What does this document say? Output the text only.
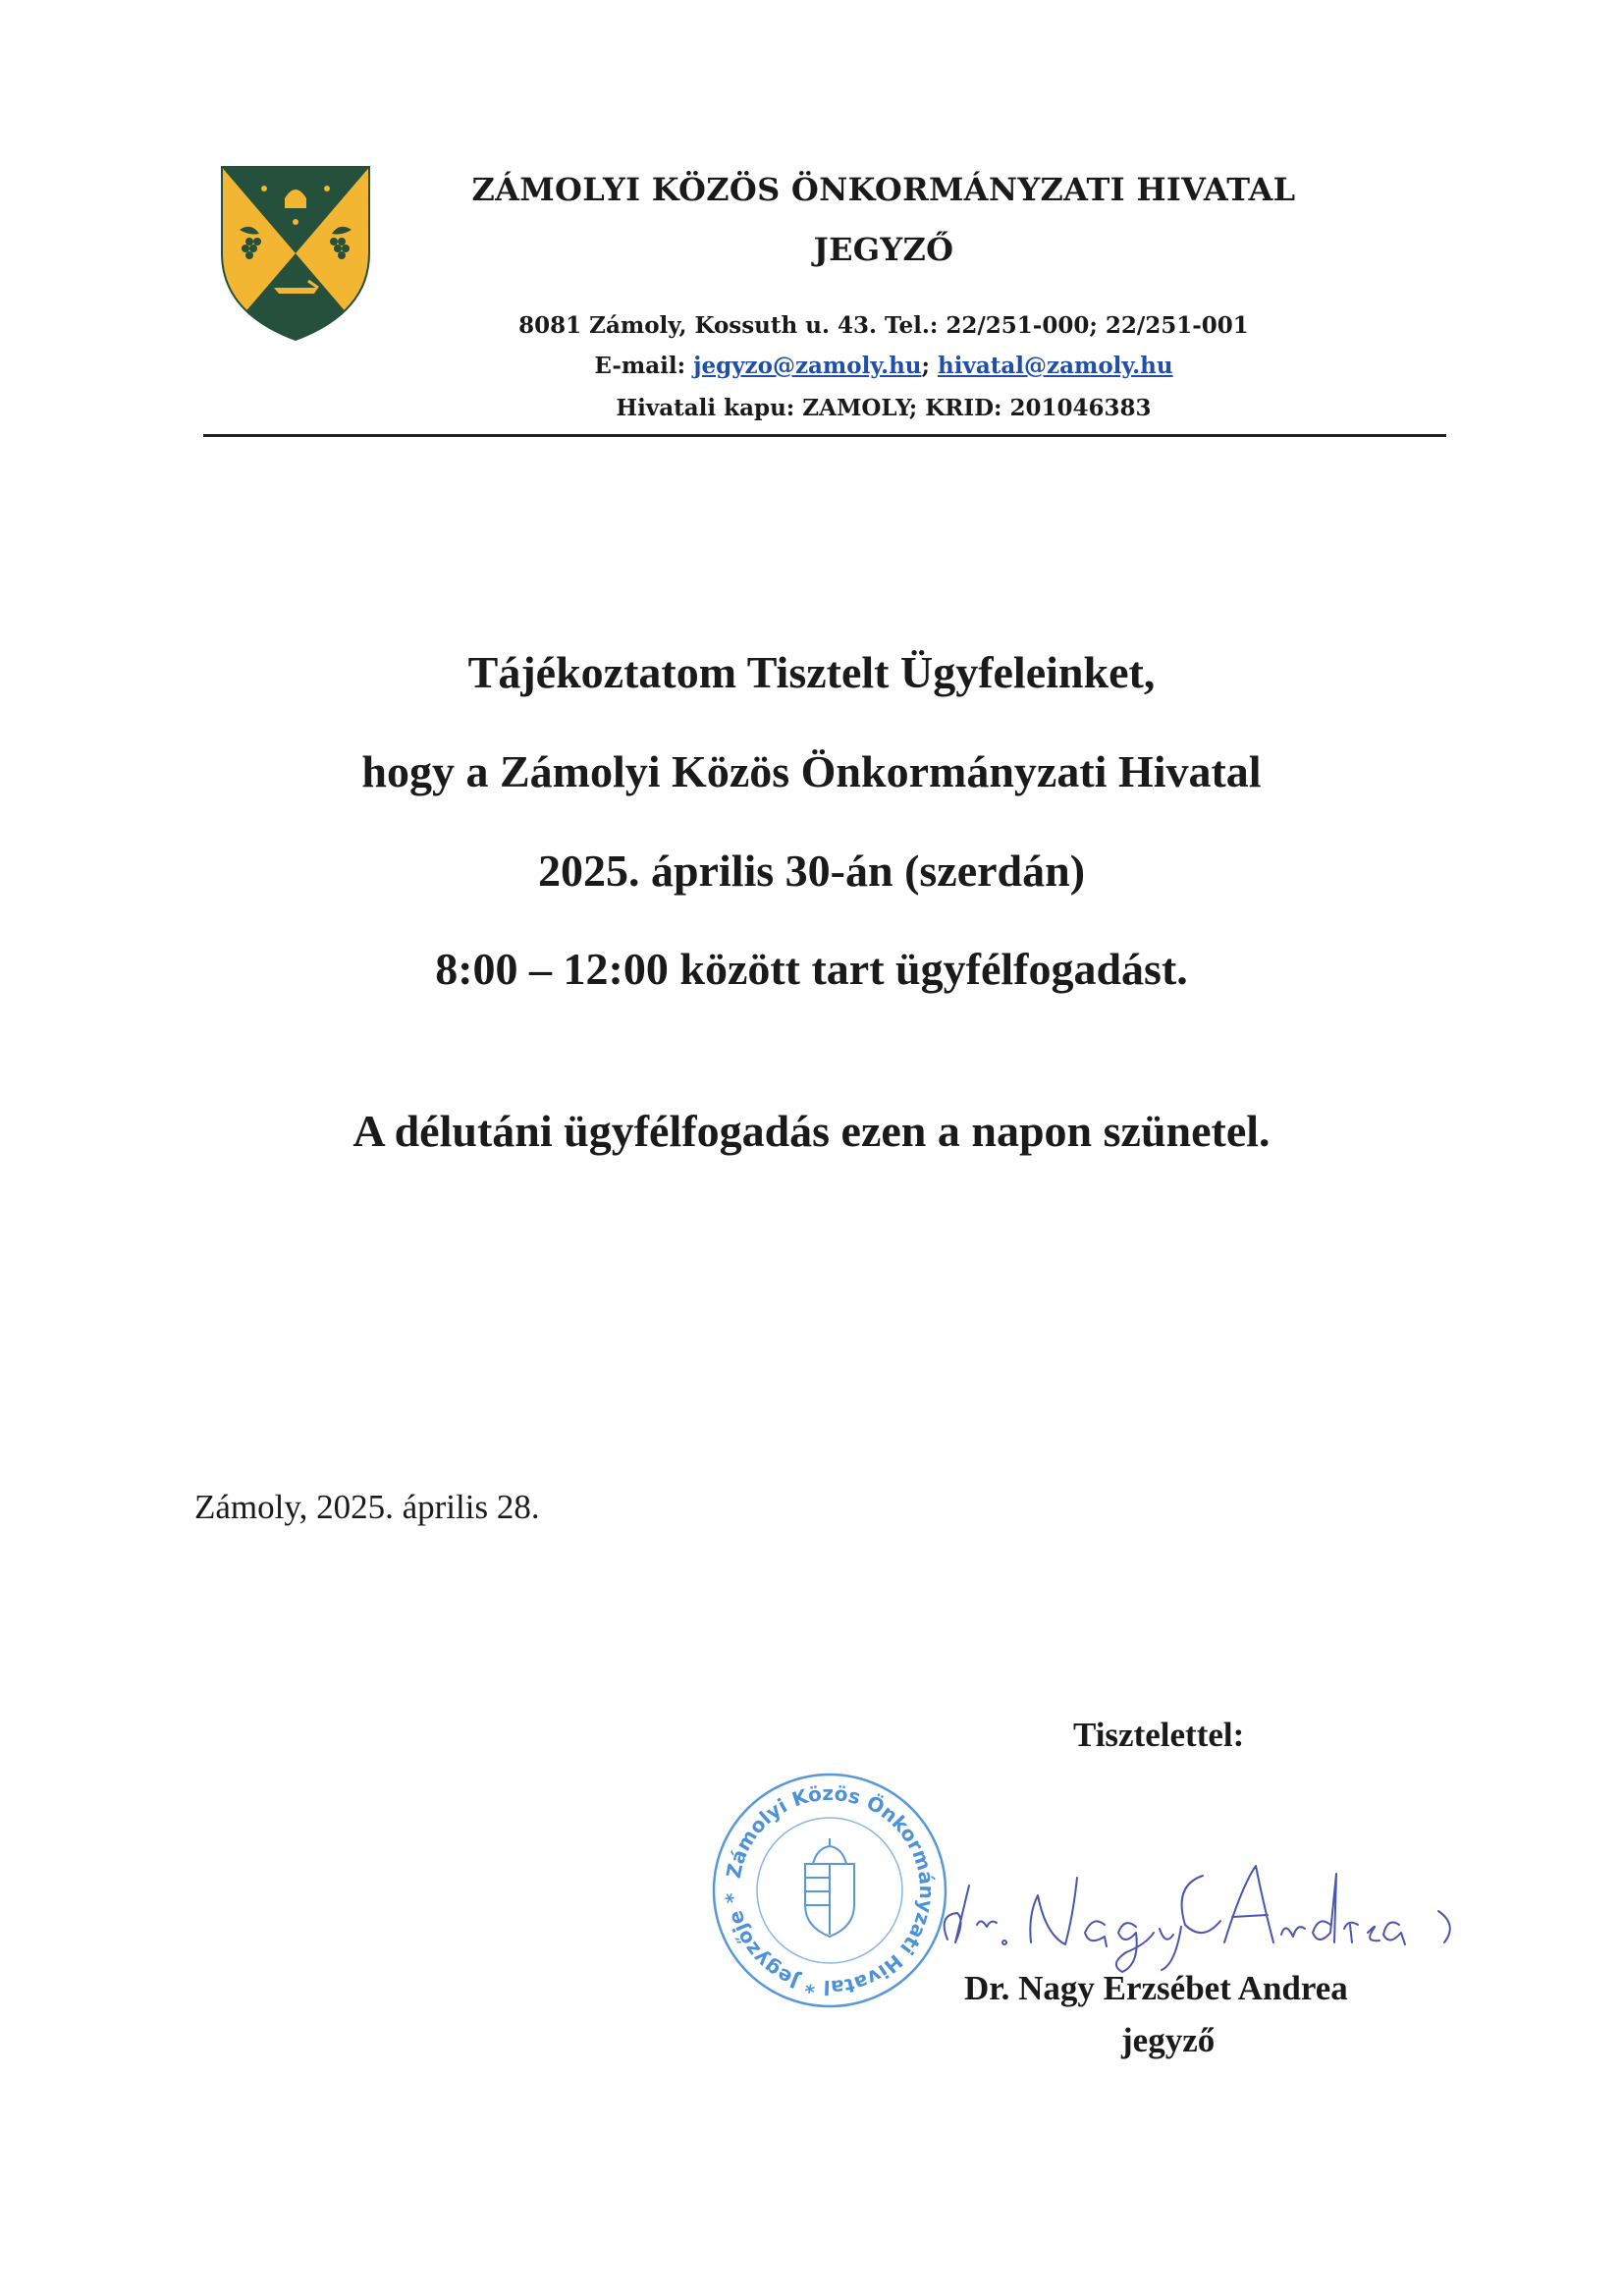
ZÁMOLYI KÖZÖS ÖNKORMÁNYZATI HIVATAL
JEGYZŐ
8081 Zámoly, Kossuth u. 43. Tel.: 22/251-000; 22/251-001
E-mail: jegyzo@zamoly.hu; hivatal@zamoly.hu
Hivatali kapu: ZAMOLY; KRID: 201046383
Tájékoztatom Tisztelt Ügyfeleinket,
hogy a Zámolyi Közös Önkormányzati Hivatal
2025. április 30-án (szerdán)
8:00 – 12:00 között tart ügyfélfogadást.
A délutáni ügyfélfogadás ezen a napon szünetel.
Zámoly, 2025. április 28.
Tisztelettel:
Zámolyi Közös Önkormányzati Hivatal * Jegyzője *
Dr. Nagy Erzsébet Andrea
jegyző
